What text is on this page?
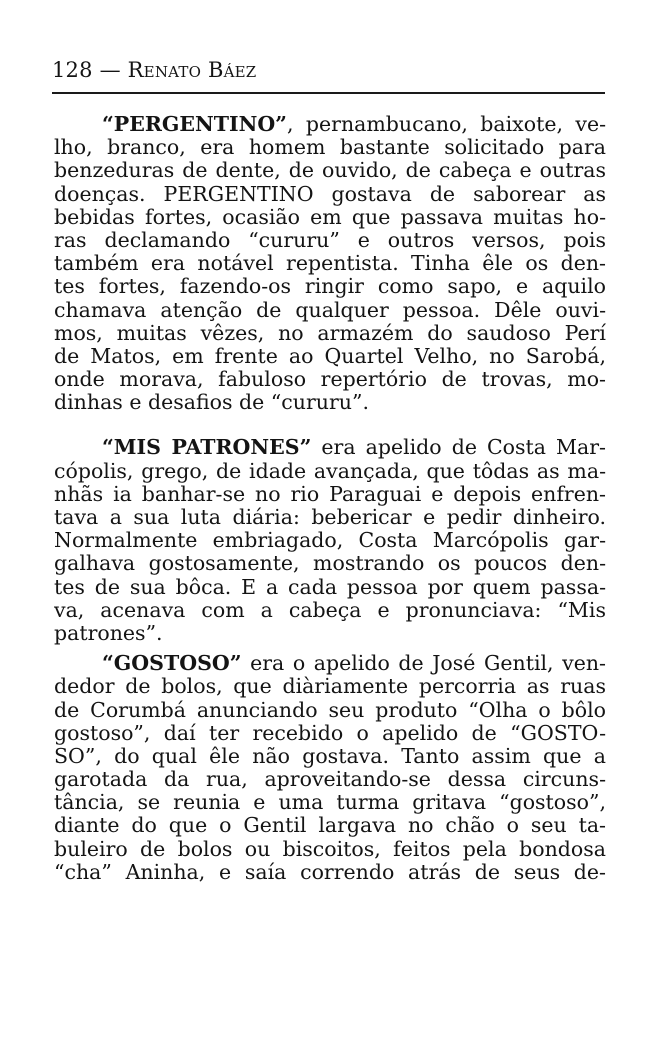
128 — Renato Báez
“PERGENTINO”, pernambucano, baixote, ve-
lho, branco, era homem bastante solicitado para
benzeduras de dente, de ouvido, de cabeça e outras
doenças. PERGENTINO gostava de saborear as
bebidas fortes, ocasião em que passava muitas ho-
ras declamando “cururu” e outros versos, pois
também era notável repentista. Tinha êle os den-
tes fortes, fazendo-os ringir como sapo, e aquilo
chamava atenção de qualquer pessoa. Dêle ouvi-
mos, muitas vêzes, no armazém do saudoso Perí
de Matos, em frente ao Quartel Velho, no Sarobá,
onde morava, fabuloso repertório de trovas, mo-
dinhas e desafios de “cururu”.
“MIS PATRONES” era apelido de Costa Mar-
cópolis, grego, de idade avançada, que tôdas as ma-
nhãs ia banhar-se no rio Paraguai e depois enfren-
tava a sua luta diária: bebericar e pedir dinheiro.
Normalmente embriagado, Costa Marcópolis gar-
galhava gostosamente, mostrando os poucos den-
tes de sua bôca. E a cada pessoa por quem passa-
va, acenava com a cabeça e pronunciava: “Mis
patrones”.
“GOSTOSO” era o apelido de José Gentil, ven-
dedor de bolos, que diàriamente percorria as ruas
de Corumbá anunciando seu produto “Olha o bôlo
gostoso”, daí ter recebido o apelido de “GOSTO-
SO”, do qual êle não gostava. Tanto assim que a
garotada da rua, aproveitando-se dessa circuns-
tância, se reunia e uma turma gritava “gostoso”,
diante do que o Gentil largava no chão o seu ta-
buleiro de bolos ou biscoitos, feitos pela bondosa
“cha” Aninha, e saía correndo atrás de seus de-
